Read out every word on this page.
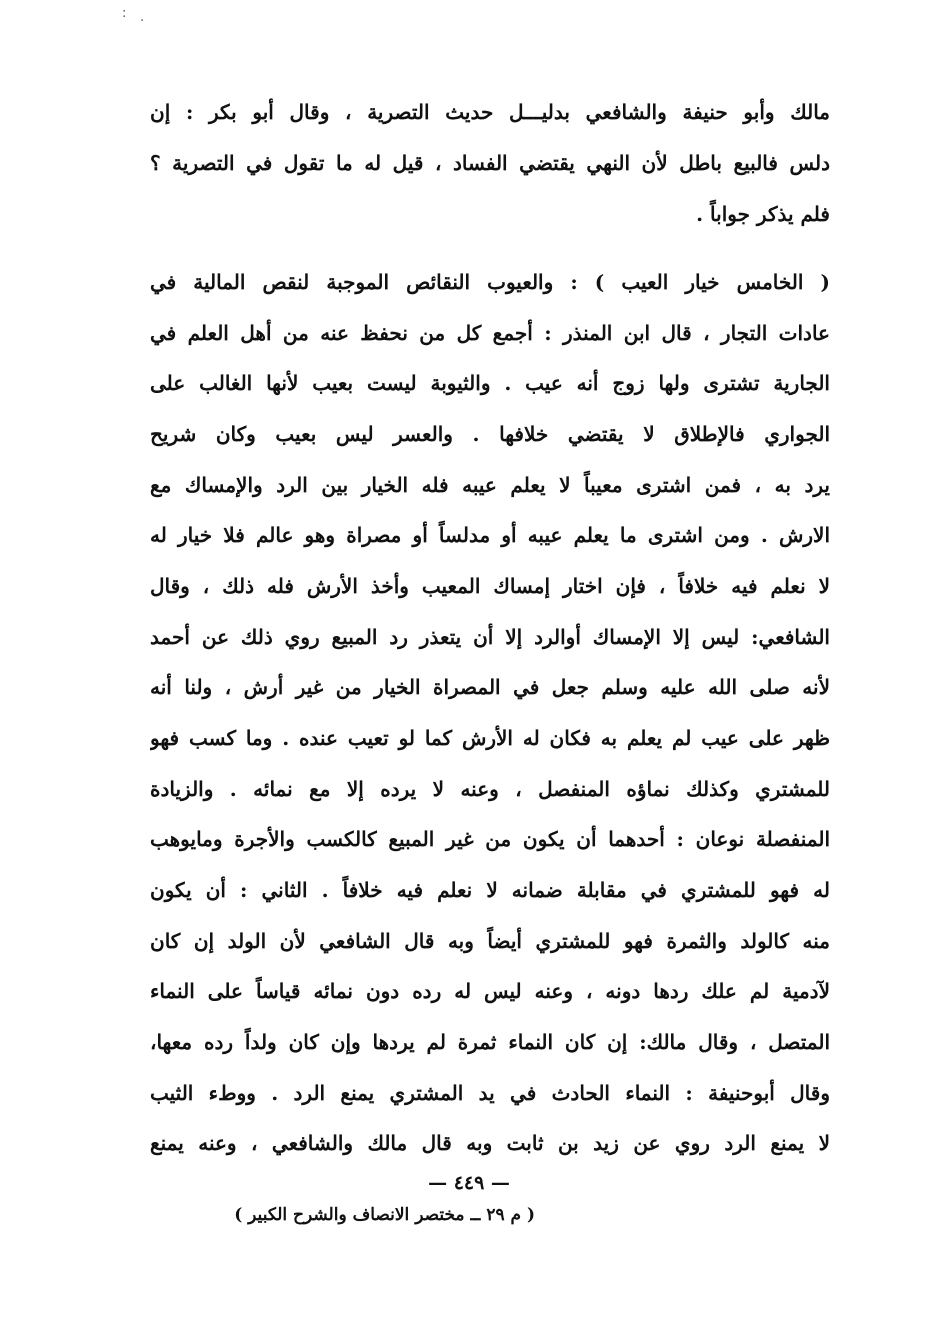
:
·
مالك وأبو حنيفة والشافعي بدليـــل حديث التصرية ، وقال أبو بكر : إن
دلس فالبيع باطل لأن النهي يقتضي الفساد ، قيل له ما تقول في التصرية ؟
فلم يذكر جواباً .
( الخامس خيار العيب ) : والعيوب النقائص الموجبة لنقص المالية في
عادات التجار ، قال ابن المنذر : أجمع كل من نحفظ عنه من أهل العلم في
الجارية تشترى ولها زوج أنه عيب . والثيوبة ليست بعيب لأنها الغالب على
الجواري فالإطلاق لا يقتضي خلافها . والعسر ليس بعيب وكان شريح
يرد به ، فمن اشترى معيباً لا يعلم عيبه فله الخيار بين الرد والإمساك مع
الارش . ومن اشترى ما يعلم عيبه أو مدلساً أو مصراة وهو عالم فلا خيار له
لا نعلم فيه خلافاً ، فإن اختار إمساك المعيب وأخذ الأرش فله ذلك ، وقال
الشافعي: ليس إلا الإمساك أوالرد إلا أن يتعذر رد المبيع روي ذلك عن أحمد
لأنه صلى الله عليه وسلم جعل في المصراة الخيار من غير أرش ، ولنا أنه
ظهر على عيب لم يعلم به فكان له الأرش كما لو تعيب عنده . وما كسب فهو
للمشتري وكذلك نماؤه المنفصل ، وعنه لا يرده إلا مع نمائه . والزيادة
المنفصلة نوعان : أحدهما أن يكون من غير المبيع كالكسب والأجرة ومايوهب
له فهو للمشتري في مقابلة ضمانه لا نعلم فيه خلافاً . الثاني : أن يكون
منه كالولد والثمرة فهو للمشتري أيضاً وبه قال الشافعي لأن الولد إن كان
لآدمية لم علك ردها دونه ، وعنه ليس له رده دون نمائه قياساً على النماء
المتصل ، وقال مالك: إن كان النماء ثمرة لم يردها وإن كان ولداً رده معها،
وقال أبوحنيفة : النماء الحادث في يد المشتري يمنع الرد . ووطء الثيب
لا يمنع الرد روي عن زيد بن ثابت وبه قال مالك والشافعي ، وعنه يمنع
— ٤٤٩ —
( م ٢٩ ــ مختصر الانصاف والشرح الكبير )
